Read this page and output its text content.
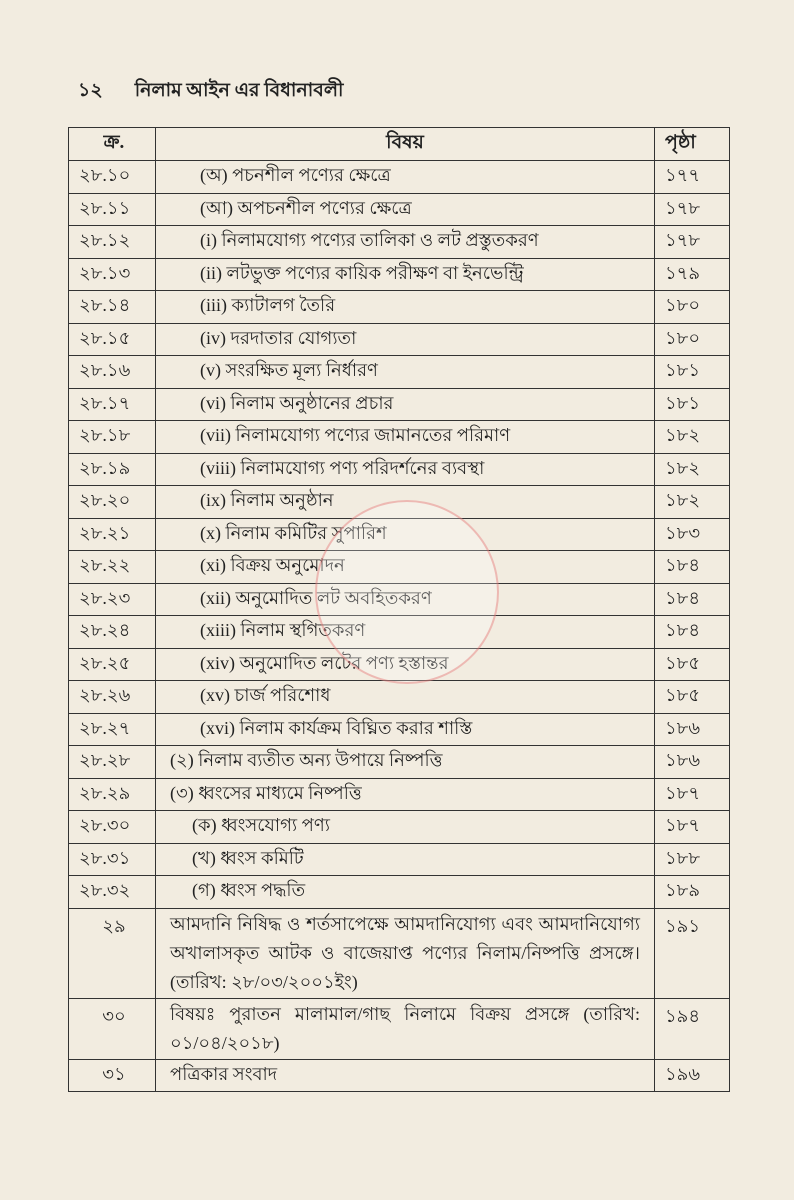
১২ নিলাম আইন এর বিধানাবলী
ক্র.	বিষয়	পৃষ্ঠা
২৮.১০	(অ) পচনশীল পণ্যের ক্ষেত্রে	১৭৭
২৮.১১	(আ) অপচনশীল পণ্যের ক্ষেত্রে	১৭৮
২৮.১২	(i) নিলামযোগ্য পণ্যের তালিকা ও লট প্রস্তুতকরণ	১৭৮
২৮.১৩	(ii) লটভুক্ত পণ্যের কায়িক পরীক্ষণ বা ইনভেন্ট্রি	১৭৯
২৮.১৪	(iii) ক্যাটালগ তৈরি	১৮০
২৮.১৫	(iv) দরদাতার যোগ্যতা	১৮০
২৮.১৬	(v) সংরক্ষিত মূল্য নির্ধারণ	১৮১
২৮.১৭	(vi) নিলাম অনুষ্ঠানের প্রচার	১৮১
২৮.১৮	(vii) নিলামযোগ্য পণ্যের জামানতের পরিমাণ	১৮২
২৮.১৯	(viii) নিলামযোগ্য পণ্য পরিদর্শনের ব্যবস্থা	১৮২
২৮.২০	(ix) নিলাম অনুষ্ঠান	১৮২
২৮.২১	(x) নিলাম কমিটির সুপারিশ	১৮৩
২৮.২২	(xi) বিক্রয় অনুমোদন	১৮৪
২৮.২৩	(xii) অনুমোদিত লট অবহিতকরণ	১৮৪
২৮.২৪	(xiii) নিলাম স্থগিতকরণ	১৮৪
২৮.২৫	(xiv) অনুমোদিত লটের পণ্য হস্তান্তর	১৮৫
২৮.২৬	(xv) চার্জ পরিশোধ	১৮৫
২৮.২৭	(xvi) নিলাম কার্যক্রম বিঘ্নিত করার শাস্তি	১৮৬
২৮.২৮	(২) নিলাম ব্যতীত অন্য উপায়ে নিষ্পত্তি	১৮৬
২৮.২৯	(৩) ধ্বংসের মাধ্যমে নিষ্পত্তি	১৮৭
২৮.৩০	(ক) ধ্বংসযোগ্য পণ্য	১৮৭
২৮.৩১	(খ) ধ্বংস কমিটি	১৮৮
২৮.৩২	(গ) ধ্বংস পদ্ধতি	১৮৯
২৯	আমদানি নিষিদ্ধ ও শর্তসাপেক্ষে আমদানিযোগ্য এবং আমদানিযোগ্য অখালাসকৃত আটক ও বাজেয়াপ্ত পণ্যের নিলাম/নিষ্পত্তি প্রসঙ্গে। (তারিখ: ২৮/০৩/২০০১ইং)	১৯১
৩০	বিষয়ঃ পুরাতন মালামাল/গাছ নিলামে বিক্রয় প্রসঙ্গে (তারিখ: ০১/০৪/২০১৮)	১৯৪
৩১	পত্রিকার সংবাদ	১৯৬
